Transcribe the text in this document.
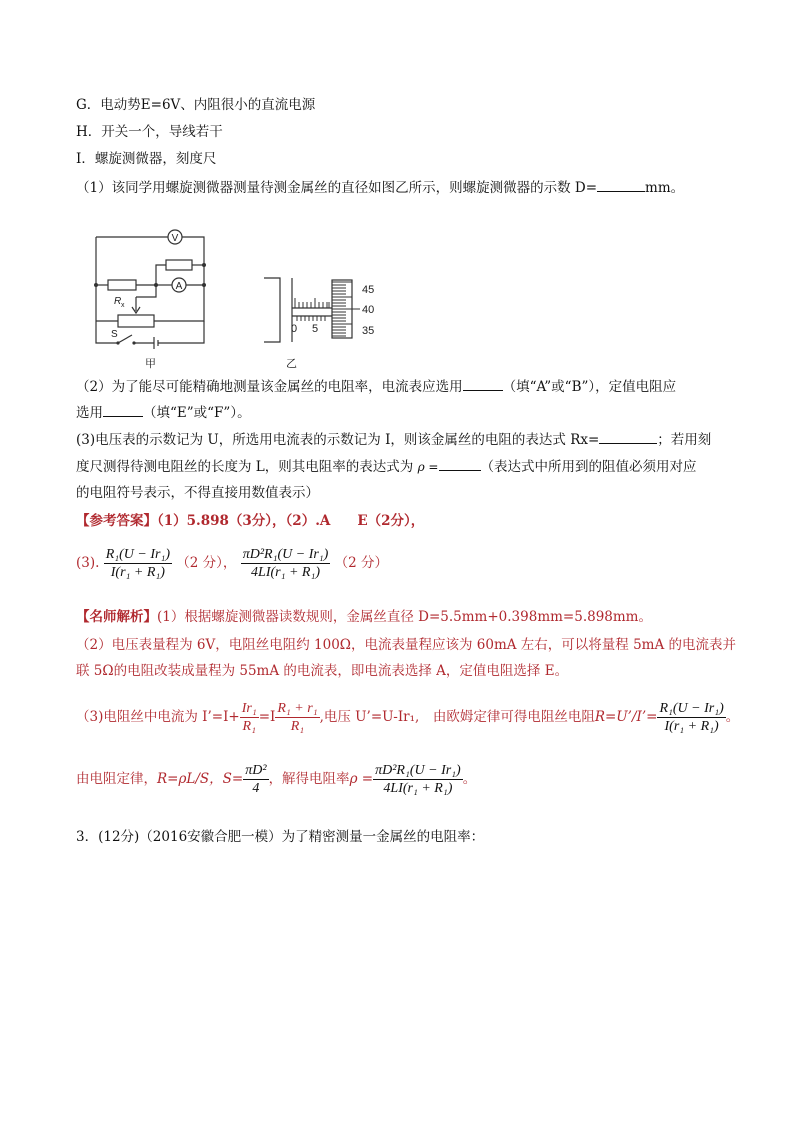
G．电动势E=6V、内阻很小的直流电源
H．开关一个，导线若干
I．螺旋测微器，刻度尺
（1）该同学用螺旋测微器测量待测金属丝的直径如图乙所示，则螺旋测微器的示数 D=	mm。
V
A
R x
S
甲
45
40
35
0 5
乙
（2）为了能尽可能精确地测量该金属丝的电阻率，电流表应选用	（填“A”或“B”），定值电阻应
选用	（填“E”或“F”）。
(3)电压表的示数记为 U，所选用电流表的示数记为 I，则该金属丝的电阻的表达式 Rx=	；若用刻
度尺测得待测电阻丝的长度为 L，则其电阻率的表达式为 ρ =	（表达式中所用到的阻值必须用对应
的电阻符号表示，不得直接用数值表示）
【参考答案】（1）5.898（3分），（2）.A　　E（2分），
(3). $\frac{\text{R₁(U − Ir₁)}}{\text{I(r₁ + R₁)}} (2$ 分）， $\frac{\text{πD²R₁(U − Ir₁)}}{\text{4LI(r₁ + R₁)}} (2$ 分）
【名师解析】(1）根据螺旋测微器读数规则，金属丝直径 D=5.5mm+0.398mm=5.898mm。
（2）电压表量程为 6V，电阻丝电阻约 100Ω，电流表量程应该为 60mA 左右，可以将量程 5mA 的电流表并
联 5Ω的电阻改装成量程为 55mA 的电流表，即电流表选择 A，定值电阻选择 E。
（3)电阻丝中电流为 I’=I+ $\frac{\text{Ir₁}}{\text{R₁}} =I \frac{\text{R₁ + r₁}}{\text{R₁}}$ ,电压 U’=U-Ir₁,　由欧姆定律可得电阻丝电阻R=U’/I’= $\frac{\text{R₁(U − Ir₁)}}{\text{I(r₁ + R₁)}}$ 。
由电阻定律，R=ρL/S，$S= \frac{\text{πD²}}{4}$ ，解得电阻率$\rho = \frac{\text{πD²R₁(U − Ir₁)}}{\text{4LI(r₁ + R₁)}}$ 。
3．(12分)（2016安徽合肥一模）为了精密测量一金属丝的电阻率：
